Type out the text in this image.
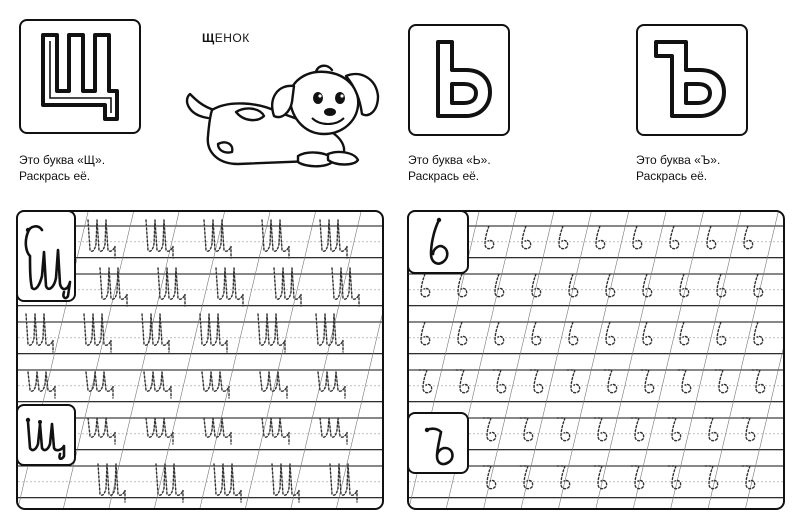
ЩЕНОК
Это буква «Щ».
Раскрась её.
Это буква «Ь».
Раскрась её.
Это буква «Ъ».
Раскрась её.
